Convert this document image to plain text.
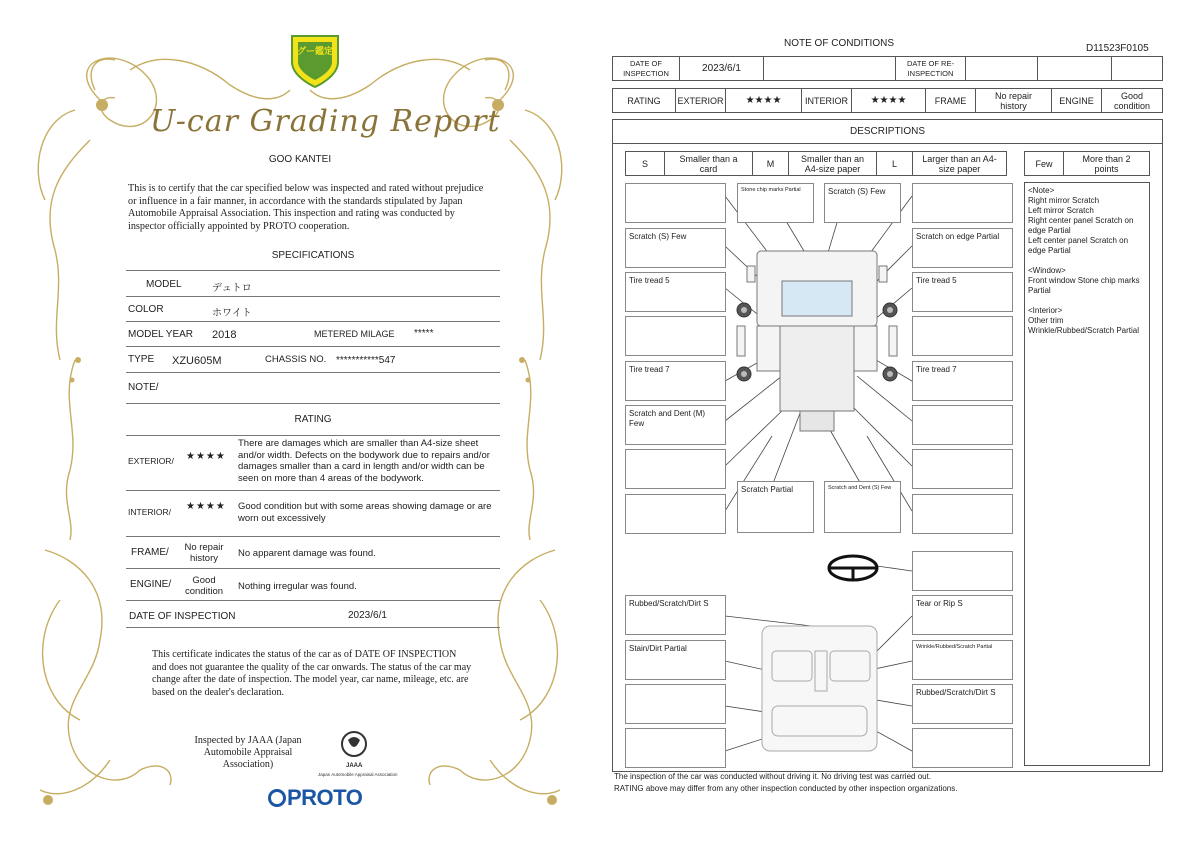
グー鑑定
U-car Grading Report
GOO KANTEI
This is to certify that the car specified below was inspected and rated without prejudice or influence in a fair manner, in accordance with the standards stipulated by Japan Automobile Appraisal Association. This inspection and rating was conducted by inspector officially appointed by PROTO cooperation.
SPECIFICATIONS
MODEL	デュトロ
COLOR	ホワイト
MODEL YEAR 2018	METERED MILAGE *****
TYPE XZU605M	CHASSIS NO. ***********547
NOTE/
RATING
EXTERIOR/ ★★★★
There are damages which are smaller than A4-size sheet and/or width. Defects on the bodywork due to repairs and/or damages smaller than a card in length and/or width can be seen on more than 4 areas of the bodywork.
INTERIOR/ ★★★★ Good condition but with some areas showing damage or are worn out excessively
FRAME/	No repair history	No apparent damage was found.
ENGINE/	Good condition	Nothing irregular was found.
DATE OF INSPECTION	2023/6/1
This certificate indicates the status of the car as of DATE OF INSPECTION and does not guarantee the quality of the car onwards. The status of the car may change after the date of inspection. The model year, car name, mileage, etc. are based on the dealer's declaration.
Inspected by JAAA (Japan Automobile Appraisal Association)	JAAA
Japan Automobile Appraisal Association
PROTO
NOTE OF CONDITIONS	D11523F0105
DATE OF INSPECTION	2023/6/1	DATE OF RE-INSPECTION
RATING	EXTERIOR	★★★★	INTERIOR	★★★★	FRAME	No repair history	ENGINE	Good condition
DESCRIPTIONS
S	Smaller than a card	M	Smaller than an A4-size paper	L	Larger than an A4-size paper	Few	More than 2 points
Scratch (S) Few
Tire tread 5
Tire tread 7
Scratch and Dent (M) Few
Rubbed/Scratch/Dirt S
Stain/Dirt Partial
Stone chip marks Partial	Scratch (S) Few
Scratch Partial	Scratch and Dent (S) Few
Scratch on edge Partial
Tire tread 5
Tire tread 7
Tear or Rip S
Wrinkle/Rubbed/Scratch Partial
Rubbed/Scratch/Dirt S
<Note>
Right mirror Scratch
Left mirror Scratch
Right center panel Scratch on edge Partial
Left center panel Scratch on edge Partial
<Window>
Front window Stone chip marks Partial
<Interior>
Other trim
Wrinkle/Rubbed/Scratch Partial
The inspection of the car was conducted without driving it. No driving test was carried out.
RATING above may differ from any other inspection conducted by other inspection organizations.
